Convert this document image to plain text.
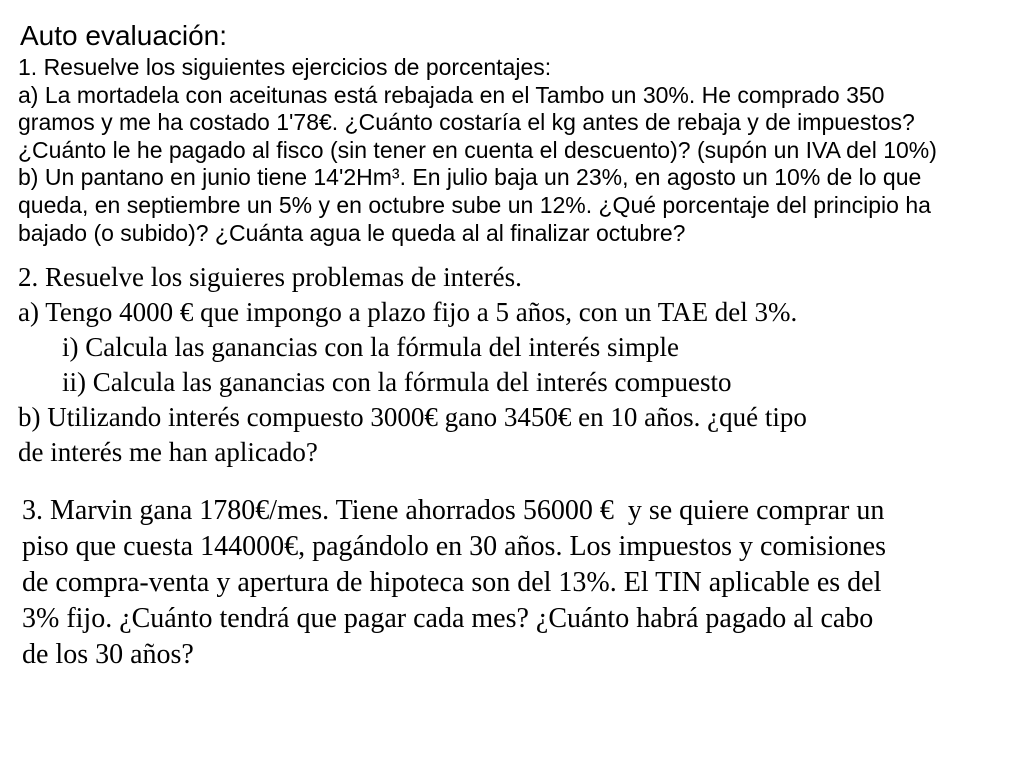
Auto evaluación:
1. Resuelve los siguientes ejercicios de porcentajes:
a) La mortadela con aceitunas está rebajada en el Tambo un 30%. He comprado 350
gramos y me ha costado 1'78€. ¿Cuánto costaría el kg antes de rebaja y de impuestos?
¿Cuánto le he pagado al fisco (sin tener en cuenta el descuento)? (supón un IVA del 10%)
b) Un pantano en junio tiene 14'2Hm³. En julio baja un 23%, en agosto un 10% de lo que
queda, en septiembre un 5% y en octubre sube un 12%. ¿Qué porcentaje del principio ha
bajado (o subido)? ¿Cuánta agua le queda al al finalizar octubre?
2. Resuelve los siguieres problemas de interés.
a) Tengo 4000 € que impongo a plazo fijo a 5 años, con un TAE del 3%.
i) Calcula las ganancias con la fórmula del interés simple
ii) Calcula las ganancias con la fórmula del interés compuesto
b) Utilizando interés compuesto 3000€ gano 3450€ en 10 años. ¿qué tipo
de interés me han aplicado?
3. Marvin gana 1780€/mes. Tiene ahorrados 56000 €  y se quiere comprar un
piso que cuesta 144000€, pagándolo en 30 años. Los impuestos y comisiones
de compra-venta y apertura de hipoteca son del 13%. El TIN aplicable es del
3% fijo. ¿Cuánto tendrá que pagar cada mes? ¿Cuánto habrá pagado al cabo
de los 30 años?
